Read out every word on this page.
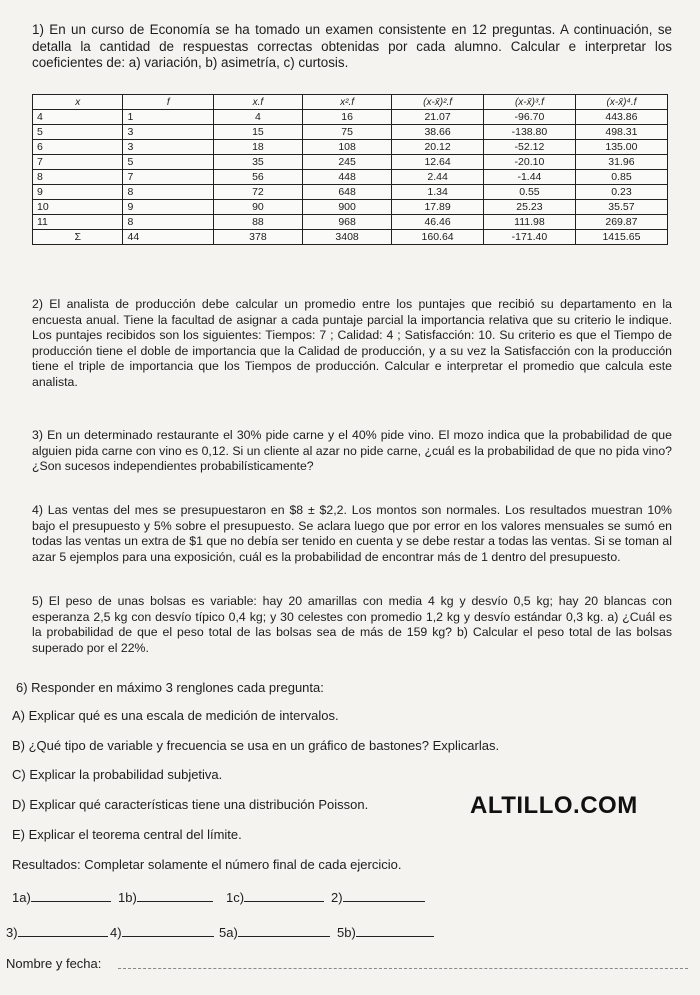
1) En un curso de Economía se ha tomado un examen consistente en 12 preguntas. A continuación, se detalla la cantidad de respuestas correctas obtenidas por cada alumno. Calcular e interpretar los coeficientes de: a) variación, b) asimetría, c) curtosis.
x	f	x.f	x².f	(x-x̄)².f	(x-x̄)³.f	(x-x̄)⁴.f
4	1	4	16	21.07	-96.70	443.86
5	3	15	75	38.66	-138.80	498.31
6	3	18	108	20.12	-52.12	135.00
7	5	35	245	12.64	-20.10	31.96
8	7	56	448	2.44	-1.44	0.85
9	8	72	648	1.34	0.55	0.23
10	9	90	900	17.89	25.23	35.57
11	8	88	968	46.46	111.98	269.87
Σ	44	378	3408	160.64	-171.40	1415.65
2) El analista de producción debe calcular un promedio entre los puntajes que recibió su departamento en la encuesta anual. Tiene la facultad de asignar a cada puntaje parcial la importancia relativa que su criterio le indique. Los puntajes recibidos son los siguientes: Tiempos: 7 ; Calidad: 4 ; Satisfacción: 10. Su criterio es que el Tiempo de producción tiene el doble de importancia que la Calidad de producción, y a su vez la Satisfacción con la producción tiene el triple de importancia que los Tiempos de producción. Calcular e interpretar el promedio que calcula este analista.
3) En un determinado restaurante el 30% pide carne y el 40% pide vino. El mozo indica que la probabilidad de que alguien pida carne con vino es 0,12. Si un cliente al azar no pide carne, ¿cuál es la probabilidad de que no pida vino? ¿Son sucesos independientes probabilísticamente?
4) Las ventas del mes se presupuestaron en $8 ± $2,2. Los montos son normales. Los resultados muestran 10% bajo el presupuesto y 5% sobre el presupuesto. Se aclara luego que por error en los valores mensuales se sumó en todas las ventas un extra de $1 que no debía ser tenido en cuenta y se debe restar a todas las ventas. Si se toman al azar 5 ejemplos para una exposición, cuál es la probabilidad de encontrar más de 1 dentro del presupuesto.
5) El peso de unas bolsas es variable: hay 20 amarillas con media 4 kg y desvío 0,5 kg; hay 20 blancas con esperanza 2,5 kg con desvío típico 0,4 kg; y 30 celestes con promedio 1,2 kg y desvío estándar 0,3 kg. a) ¿Cuál es la probabilidad de que el peso total de las bolsas sea de más de 159 kg? b) Calcular el peso total de las bolsas superado por el 22%.
6) Responder en máximo 3 renglones cada pregunta:
A) Explicar qué es una escala de medición de intervalos.
B) ¿Qué tipo de variable y frecuencia se usa en un gráfico de bastones? Explicarlas.
C) Explicar la probabilidad subjetiva.
D) Explicar qué características tiene una distribución Poisson.
E) Explicar el teorema central del límite.
ALTILLO.COM
Resultados: Completar solamente el número final de cada ejercicio.
1a)	1b)	1c)	2)
3)	4)	5a)	5b)
Nombre y fecha:
